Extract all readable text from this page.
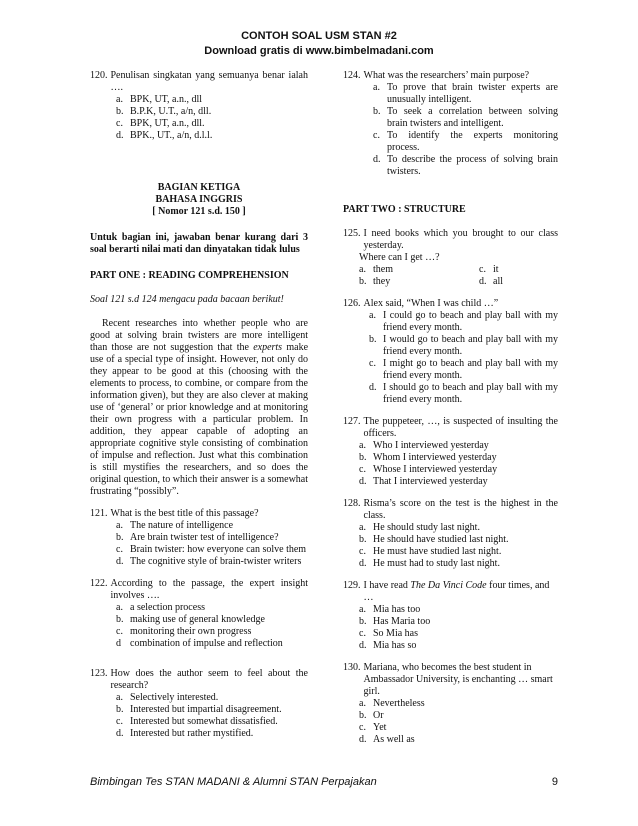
CONTOH SOAL USM STAN #2
Download gratis di www.bimbelmadani.com
120. Penulisan singkatan yang semuanya benar ialah ….
a. BPK, UT, a.n., dll
b. B.P.K, U.T., a/n, dll.
c. BPK, UT, a.n., dll.
d. BPK., UT., a/n, d.l.l.
BAGIAN KETIGA
BAHASA INGGRIS
[ Nomor 121 s.d. 150 ]
Untuk bagian ini, jawaban benar kurang dari 3 soal berarti nilai mati dan dinyatakan tidak lulus
PART ONE : READING COMPREHENSION
Soal 121 s.d 124 mengacu pada bacaan berikut!
Recent researches into whether people who are good at solving brain twisters are more intelligent than those are not suggestion that the experts make use of a special type of insight. However, not only do they appear to be good at this (choosing with the elements to process, to combine, or compare from the information given), but they are also clever at making use of ‘general’ or prior knowledge and at monitoring their own progress with a particular problem. In addition, they appear capable of adopting an appropriate cognitive style consisting of combination of impulse and reflection. Just what this combination is still mystifies the researchers, and so does the original question, to which their answer is a somewhat frustrating “possibly”.
121. What is the best title of this passage?
a. The nature of intelligence
b. Are brain twister test of intelligence?
c. Brain twister: how everyone can solve them
d. The cognitive style of brain-twister writers
122. According to the passage, the expert insight involves ….
a. a selection process
b. making use of general knowledge
c. monitoring their own progress
d combination of impulse and reflection
123. How does the author seem to feel about the research?
a. Selectively interested.
b. Interested but impartial disagreement.
c. Interested but somewhat dissatisfied.
d. Interested but rather mystified.
124. What was the researchers’ main purpose?
a. To prove that brain twister experts are unusually intelligent.
b. To seek a correlation between solving brain twisters and intelligent.
c. To identify the experts monitoring process.
d. To describe the process of solving brain twisters.
PART TWO : STRUCTURE
125. I need books which you brought to our class yesterday.
Where can I get …?
a. them	c. it
b. they	d. all
126. Alex said, “When I was child …”
a. I could go to beach and play ball with my friend every month.
b. I would go to beach and play ball with my friend every month.
c. I might go to beach and play ball with my friend every month.
d. I should go to beach and play ball with my friend every month.
127. The puppeteer, …, is suspected of insulting the officers.
a. Who I interviewed yesterday
b. Whom I interviewed yesterday
c. Whose I interviewed yesterday
d. That I interviewed yesterday
128. Risma’s score on the test is the highest in the class.
a. He should study last night.
b. He should have studied last night.
c. He must have studied last night.
d. He must had to study last night.
129. I have read The Da Vinci Code four times, and …
a. Mia has too
b. Has Maria too
c. So Mia has
d. Mia has so
130. Mariana, who becomes the best student in Ambassador University, is enchanting … smart girl.
a. Nevertheless
b. Or
c. Yet
d. As well as
Bimbingan Tes STAN MADANI & Alumni STAN Perpajakan	9
